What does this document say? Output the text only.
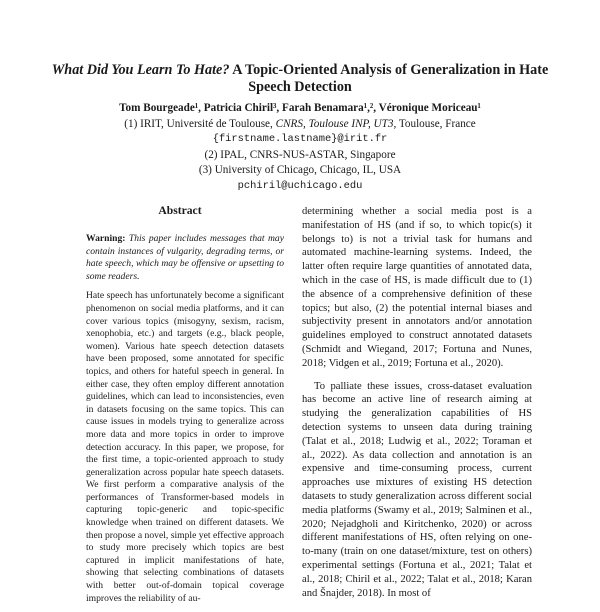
What Did You Learn To Hate? A Topic-Oriented Analysis of Generalization in Hate Speech Detection
Tom Bourgeade¹, Patricia Chiril³, Farah Benamara¹,², Véronique Moriceau¹
(1) IRIT, Université de Toulouse, CNRS, Toulouse INP, UT3, Toulouse, France
{firstname.lastname}@irit.fr
(2) IPAL, CNRS-NUS-ASTAR, Singapore
(3) University of Chicago, Chicago, IL, USA
pchiril@uchicago.edu
Abstract

Warning: This paper includes messages that may contain instances of vulgarity, degrading terms, or hate speech, which may be offensive or upsetting to some readers.

Hate speech has unfortunately become a significant phenomenon on social media platforms, and it can cover various topics (misogyny, sexism, racism, xenophobia, etc.) and targets (e.g., black people, women). Various hate speech detection datasets have been proposed, some annotated for specific topics, and others for hateful speech in general. In either case, they often employ different annotation guidelines, which can lead to inconsistencies, even in datasets focusing on the same topics. This can cause issues in models trying to generalize across more data and more topics in order to improve detection accuracy. In this paper, we propose, for the first time, a topic-oriented approach to study generalization across popular hate speech datasets. We first perform a comparative analysis of the performances of Transformer-based models in capturing topic-generic and topic-specific knowledge when trained on different datasets. We then propose a novel, simple yet effective approach to study more precisely which topics are best captured in implicit manifestations of hate, showing that selecting combinations of datasets with better out-of-domain topical coverage improves the reliability of au-

determining whether a social media post is a manifestation of HS (and if so, to which topic(s) it belongs to) is not a trivial task for humans and automated machine-learning systems. Indeed, the latter often require large quantities of annotated data, which in the case of HS, is made difficult due to (1) the absence of a comprehensive definition of these topics; but also, (2) the potential internal biases and subjectivity present in annotators and/or annotation guidelines employed to construct annotated datasets (Schmidt and Wiegand, 2017; Fortuna and Nunes, 2018; Vidgen et al., 2019; Fortuna et al., 2020).

To palliate these issues, cross-dataset evaluation has become an active line of research aiming at studying the generalization capabilities of HS detection systems to unseen data during training (Talat et al., 2018; Ludwig et al., 2022; Toraman et al., 2022). As data collection and annotation is an expensive and time-consuming process, current approaches use mixtures of existing HS detection datasets to study generalization across different social media platforms (Swamy et al., 2019; Salminen et al., 2020; Nejadgholi and Kiritchenko, 2020) or across different manifestations of HS, often relying on one-to-many (train on one dataset/mixture, test on others) experimental settings (Fortuna et al., 2021; Talat et al., 2018; Chiril et al., 2022; Talat et al., 2018; Karan and Šnajder, 2018). In most of
